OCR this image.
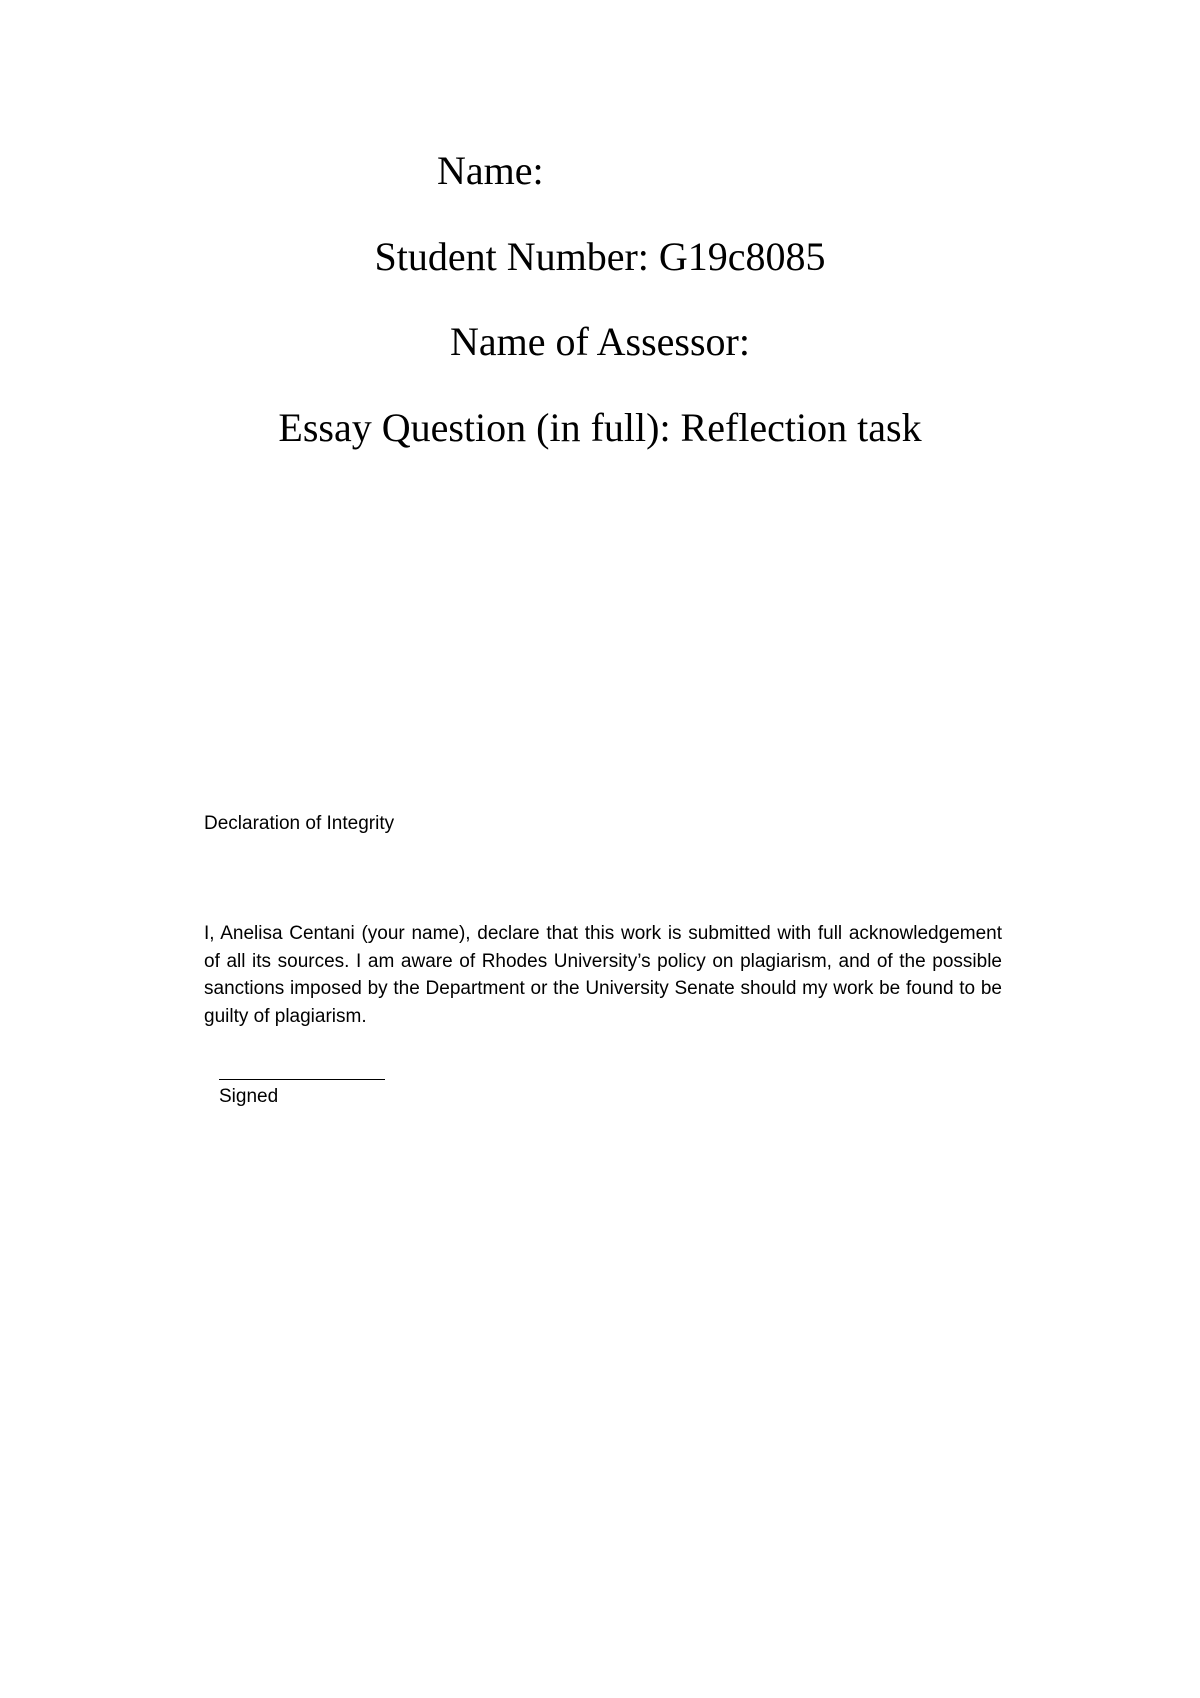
Name:
Student Number: G19c8085
Name of Assessor:
Essay Question (in full): Reflection task
Declaration of Integrity
I, Anelisa Centani (your name), declare that this work is submitted with full acknowledgement of all its sources. I am aware of Rhodes University’s policy on plagiarism, and of the possible sanctions imposed by the Department or the University Senate should my work be found to be guilty of plagiarism.
Signed
